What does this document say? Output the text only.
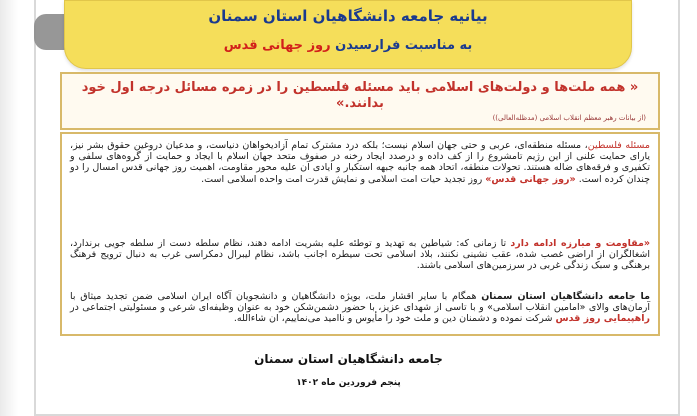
بیانیه جامعه دانشگاهیان استان سمنان
به مناسبت فرارسیدن روز جهانی قدس
« همه ملت‌ها و دولت‌های اسلامی باید مسئله فلسطین را در زمره مسائل درجه اول خود بدانند.»
(از بیانات رهبر معظم انقلاب اسلامی (مدظله‌العالی))
مسئله فلسطین، مسئله منطقه‌ای، عربی و حتی جهان اسلام نیست؛ بلکه درد مشترک تمام آزادیخواهان دنیاست، و مدعیان دروغین حقوق بشر نیز، یارای حمایت علنی از این رژیم تامشروع را از کف داده و درصدد ایجاد رخنه در صفوف متحد جهان اسلام با ایجاد و حمایت از گروه‌های سلفی و تکفیری و فرقه‌های ضاله هستند. تحولات منطقه، اتحاد همه جانبه جبهه استکبار و ایادی آن علیه محور مقاومت، اهمیت روز جهانی قدس امسال را دو چندان کرده است. «روز جهانی قدس» روز تجدید حیات امت اسلامی و نمایش قدرت امت واحده اسلامی است.
«مقاومت و مبارزه ادامه دارد تا زمانی که: شیاطین به تهدید و توطئه علیه بشریت ادامه دهند، نظام سلطه دست از سلطه جویی برندارد، اشغالگران از اراضی غصب شده، عقب نشینی نکنند، بلاد اسلامی تحت سیطره اجانب باشد، نظام لیبرال دمکراسی غرب به دنبال ترویج فرهنگ برهنگی و سبک زندگی غربی در سرزمین‌های اسلامی باشند.
ما جامعه دانشگاهیان استان سمنان همگام با سایر اقشار ملت، بویژه دانشگاهیان و دانشجویان آگاه ایران اسلامی ضمن تجدید میثاق با آرمان‌های والای «امامین انقلاب اسلامی» و با تاسی از شهدای عزیز، با حضور دشمن‌شکن خود به عنوان وظیفه‌ای شرعی و مسئولیتی اجتماعی در راهپیمایی روز قدس شرکت نموده و دشمنان دین و ملت خود را مأیوس و ناامید می‌نماییم، ان شاءالله.
جامعه دانشگاهیان استان سمنان
پنجم فروردین ماه ۱۴۰۲
